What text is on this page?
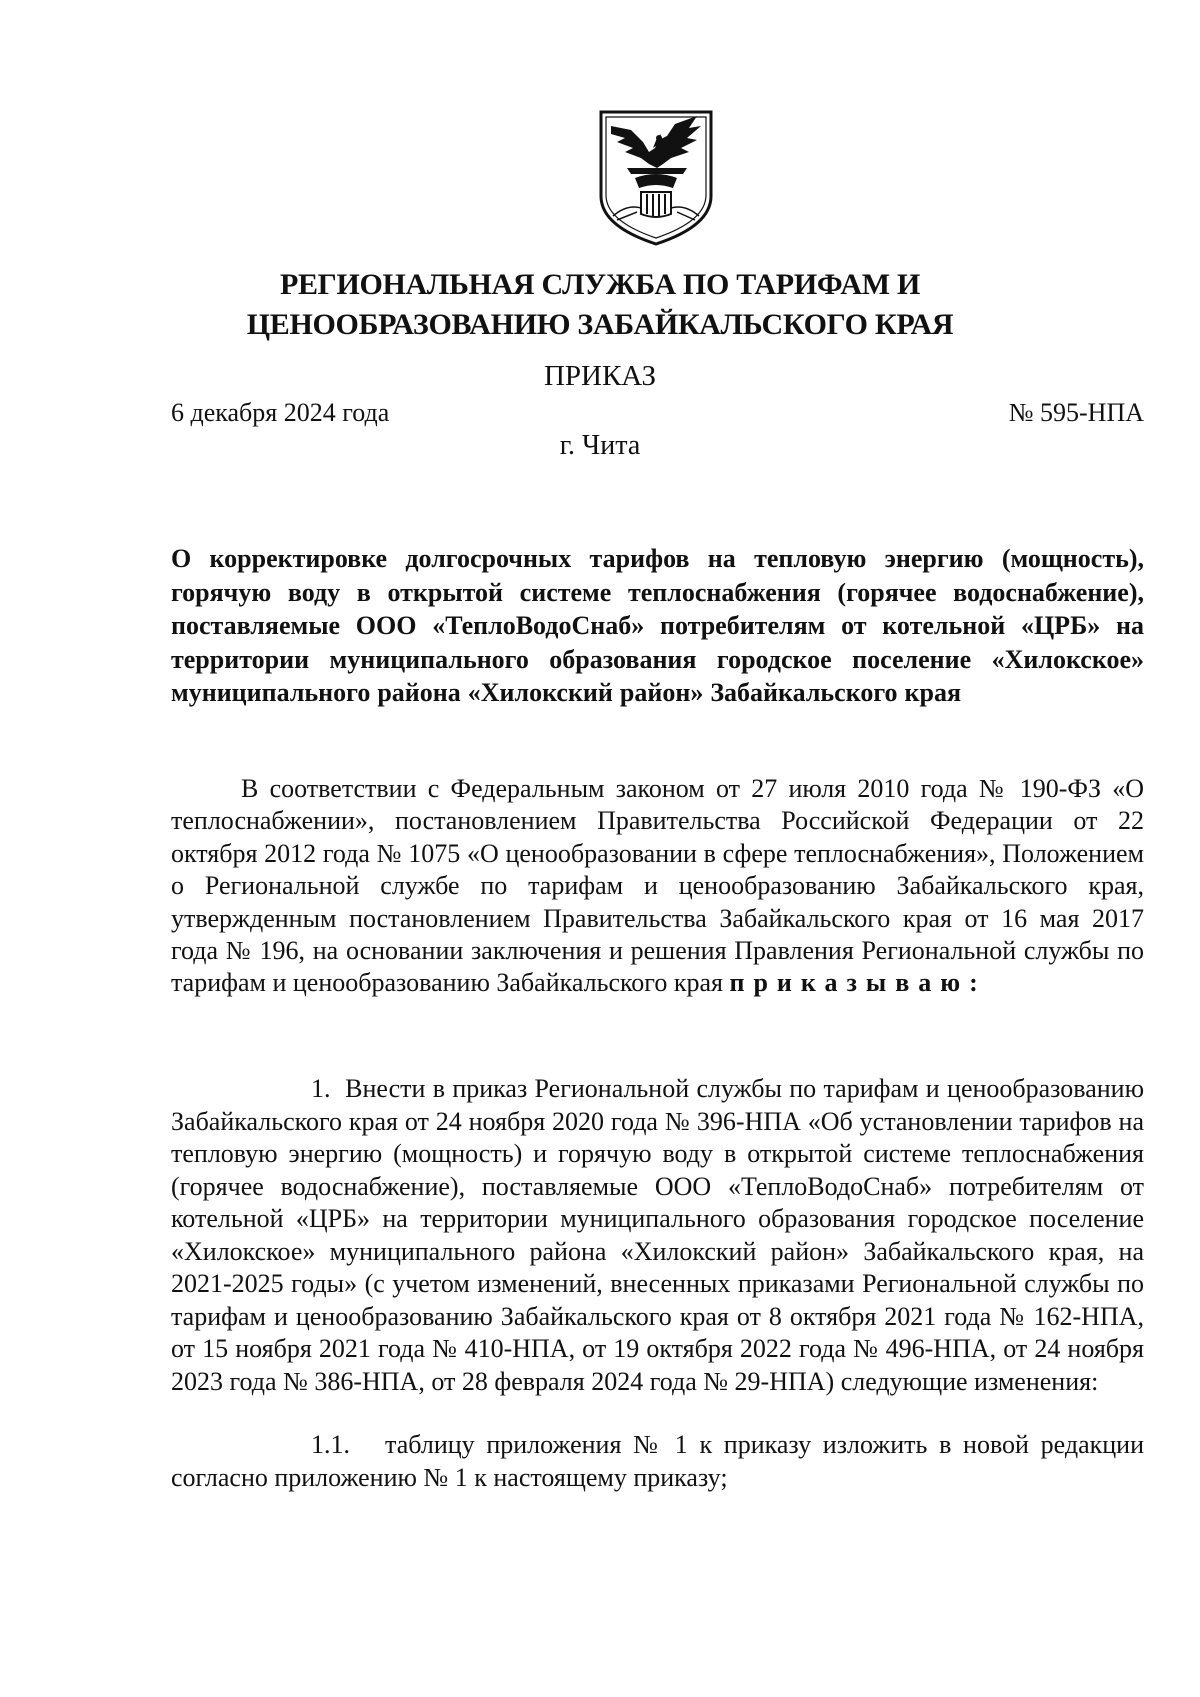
РЕГИОНАЛЬНАЯ СЛУЖБА ПО ТАРИФАМ И
ЦЕНООБРАЗОВАНИЮ ЗАБАЙКАЛЬСКОГО КРАЯ
ПРИКАЗ
6 декабря 2024 года	№ 595-НПА
г. Чита
О корректировке долгосрочных тарифов на тепловую энергию (мощность), горячую воду в открытой системе теплоснабжения (горячее водоснабжение), поставляемые ООО «ТеплоВодоСнаб» потребителям от котельной «ЦРБ» на территории муниципального образования городское поселение «Хилокское» муниципального района «Хилокский район» Забайкальского края
В соответствии с Федеральным законом от 27 июля 2010 года № 190-ФЗ «О теплоснабжении», постановлением Правительства Российской Федерации от 22 октября 2012 года № 1075 «О ценообразовании в сфере теплоснабжения», Положением о Региональной службе по тарифам и ценообразованию Забайкальского края, утвержденным постановлением Правительства Забайкальского края от 16 мая 2017 года № 196, на основании заключения и решения Правления Региональной службы по тарифам и ценообразованию Забайкальского края приказываю:
1. Внести в приказ Региональной службы по тарифам и ценообразованию Забайкальского края от 24 ноября 2020 года № 396-НПА «Об установлении тарифов на тепловую энергию (мощность) и горячую воду в открытой системе теплоснабжения (горячее водоснабжение), поставляемые ООО «ТеплоВодоСнаб» потребителям от котельной «ЦРБ» на территории муниципального образования городское поселение «Хилокское» муниципального района «Хилокский район» Забайкальского края, на 2021-2025 годы» (с учетом изменений, внесенных приказами Региональной службы по тарифам и ценообразованию Забайкальского края от 8 октября 2021 года № 162-НПА, от 15 ноября 2021 года № 410-НПА, от 19 октября 2022 года № 496-НПА, от 24 ноября 2023 года № 386-НПА, от 28 февраля 2024 года № 29-НПА) следующие изменения:
1.1. таблицу приложения № 1 к приказу изложить в новой редакции согласно приложению № 1 к настоящему приказу;
